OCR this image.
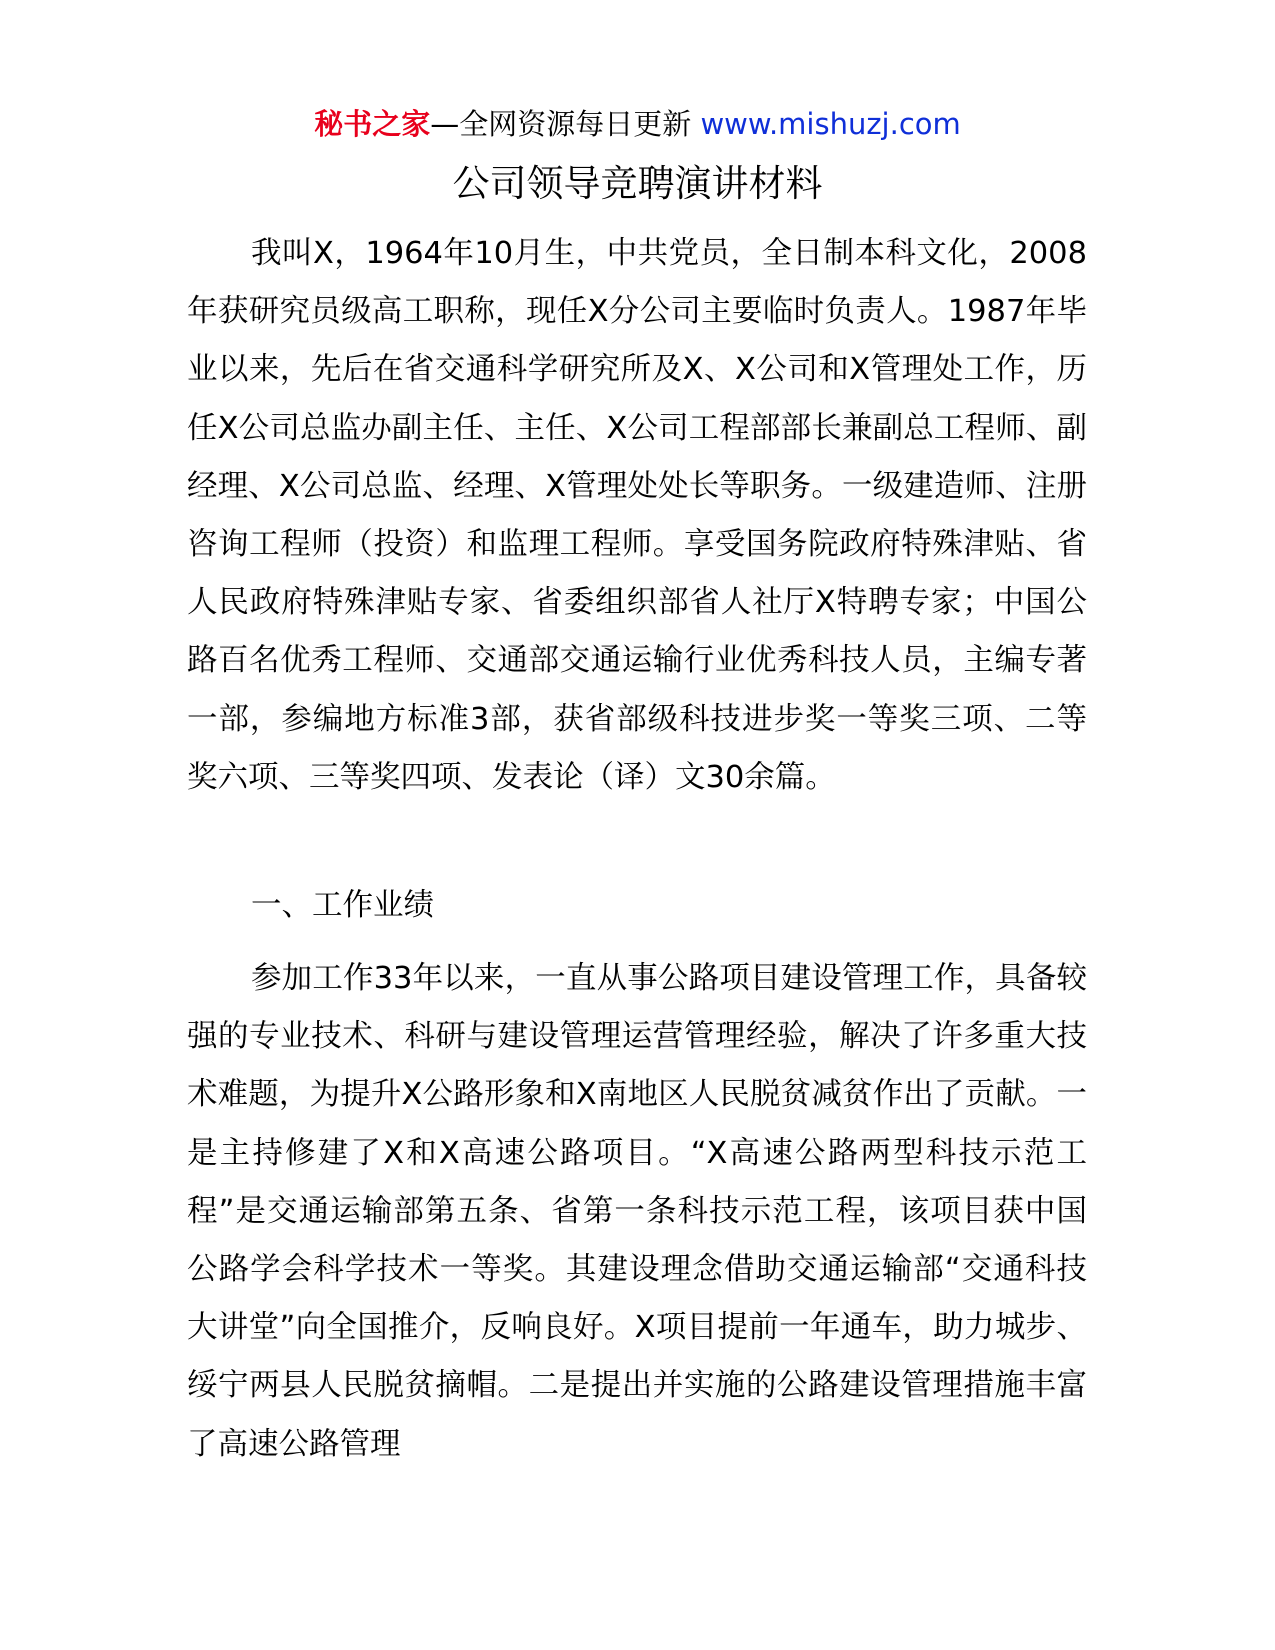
秘书之家—全网资源每日更新 www.mishuzj.com
公司领导竞聘演讲材料

我叫X，1964年10月生，中共党员，全日制本科文化，2008年获研究员级高工职称，现任X分公司主要临时负责人。1987年毕业以来，先后在省交通科学研究所及X、X公司和X管理处工作，历任X公司总监办副主任、主任、X公司工程部部长兼副总工程师、副经理、X公司总监、经理、X管理处处长等职务。一级建造师、注册咨询工程师（投资）和监理工程师。享受国务院政府特殊津贴、省人民政府特殊津贴专家、省委组织部省人社厅X特聘专家；中国公路百名优秀工程师、交通部交通运输行业优秀科技人员，主编专著一部，参编地方标准3部，获省部级科技进步奖一等奖三项、二等奖六项、三等奖四项、发表论（译）文30余篇。

一、工作业绩

参加工作33年以来，一直从事公路项目建设管理工作，具备较强的专业技术、科研与建设管理运营管理经验，解决了许多重大技术难题，为提升X公路形象和X南地区人民脱贫减贫作出了贡献。一是主持修建了X和X高速公路项目。“X高速公路两型科技示范工程”是交通运输部第五条、省第一条科技示范工程，该项目获中国公路学会科学技术一等奖。其建设理念借助交通运输部“交通科技大讲堂”向全国推介，反响良好。X项目提前一年通车，助力城步、绥宁两县人民脱贫摘帽。二是提出并实施的公路建设管理措施丰富了高速公路管理
